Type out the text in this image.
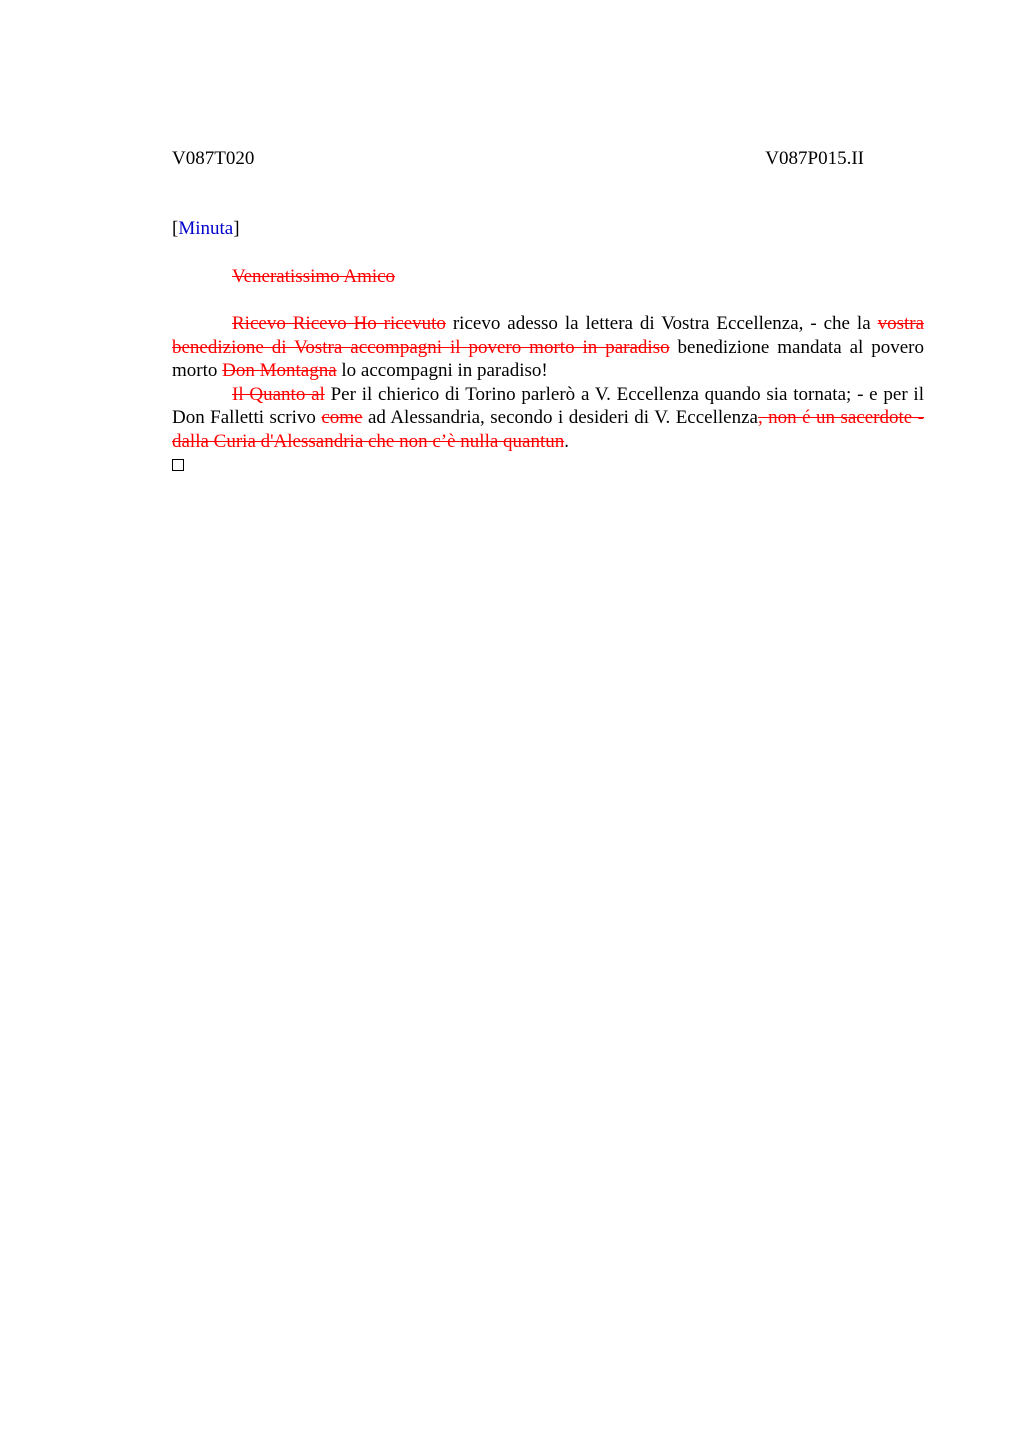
V087T020	V087P015.II

[Minuta]

Veneratissimo Amico

Ricevo Ricevo Ho ricevuto ricevo adesso la lettera di Vostra Eccellenza, - che la vostra benedizione di Vostra accompagni il povero morto in paradiso benedizione mandata al povero morto Don Montagna lo accompagni in paradiso!

Il Quanto al Per il chierico di Torino parlerò a V. Eccellenza quando sia tornata; - e per il Don Falletti scrivo come ad Alessandria, secondo i desideri di V. Eccellenza, non é un sacerdote - dalla Curia d'Alessandria che non c’è nulla quantun.
